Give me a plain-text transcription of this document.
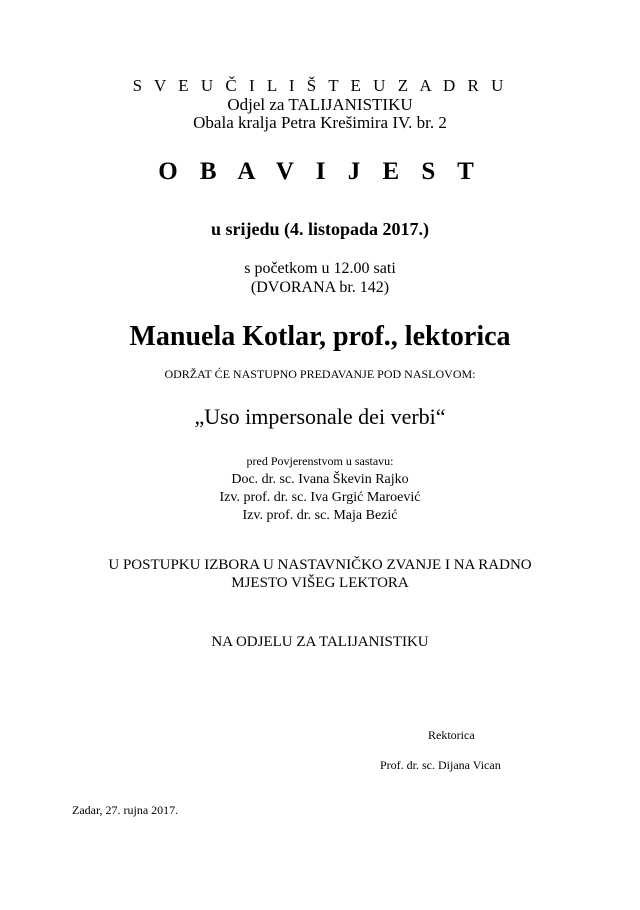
S V E U Č I L I Š T E U Z A D R U
Odjel za TALIJANISTIKU
Obala kralja Petra Krešimira IV. br. 2
O B A V I J E S T
u srijedu (4. listopada 2017.)
s početkom u 12.00 sati
(DVORANA br. 142)
Manuela Kotlar, prof., lektorica
ODRŽAT ĆE NASTUPNO PREDAVANJE POD NASLOVOM:
„Uso impersonale dei verbi“
pred Povjerenstvom u sastavu:
Doc. dr. sc. Ivana Škevin Rajko
Izv. prof. dr. sc. Iva Grgić Maroević
Izv. prof. dr. sc. Maja Bezić
U POSTUPKU IZBORA U NASTAVNIČKO ZVANJE I NA RADNO
MJESTO VIŠEG LEKTORA
NA ODJELU ZA TALIJANISTIKU
Rektorica
Prof. dr. sc. Dijana Vican
Zadar, 27. rujna 2017.
